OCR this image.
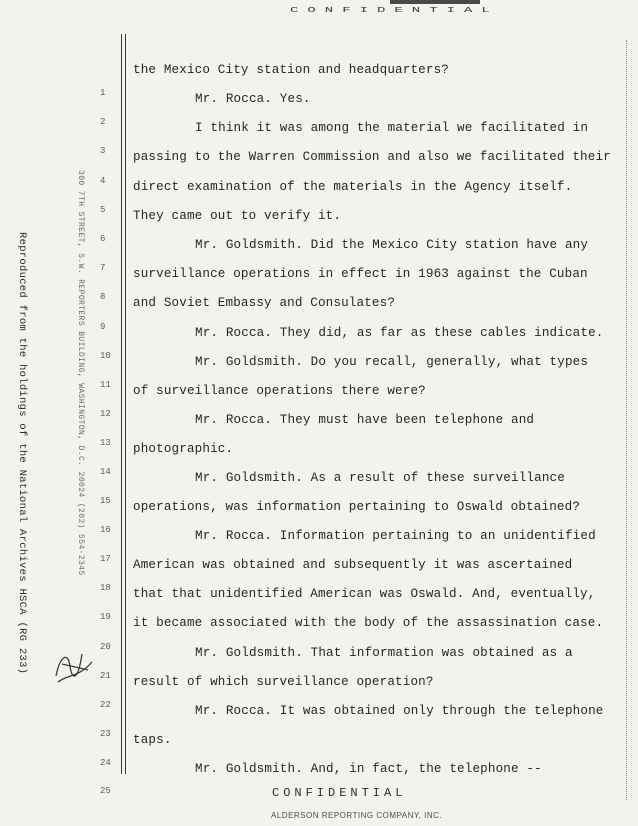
CONFIDENTIAL
Reproduced from the holdings of the National Archives HSCA (RG 233)	300 7TH STREET, S.W. REPORTERS BUILDING, WASHINGTON, D.C. 20024 (202) 554-2345
1
2
3
4
5
6
7
8
9
10
11
12
13
14
15
16
17
18
19
20
21
22
23
24
25
the Mexico City station and headquarters?
Mr. Rocca. Yes.
I think it was among the material we facilitated in
passing to the Warren Commission and also we facilitated their
direct examination of the materials in the Agency itself.
They came out to verify it.
Mr. Goldsmith. Did the Mexico City station have any
surveillance operations in effect in 1963 against the Cuban
and Soviet Embassy and Consulates?
Mr. Rocca. They did, as far as these cables indicate.
Mr. Goldsmith. Do you recall, generally, what types
of surveillance operations there were?
Mr. Rocca. They must have been telephone and
photographic.
Mr. Goldsmith. As a result of these surveillance
operations, was information pertaining to Oswald obtained?
Mr. Rocca. Information pertaining to an unidentified
American was obtained and subsequently it was ascertained
that that unidentified American was Oswald. And, eventually,
it became associated with the body of the assassination case.
Mr. Goldsmith. That information was obtained as a
result of which surveillance operation?
Mr. Rocca. It was obtained only through the telephone
taps.
Mr. Goldsmith. And, in fact, the telephone --
CONFIDENTIAL
ALDERSON REPORTING COMPANY, INC.
